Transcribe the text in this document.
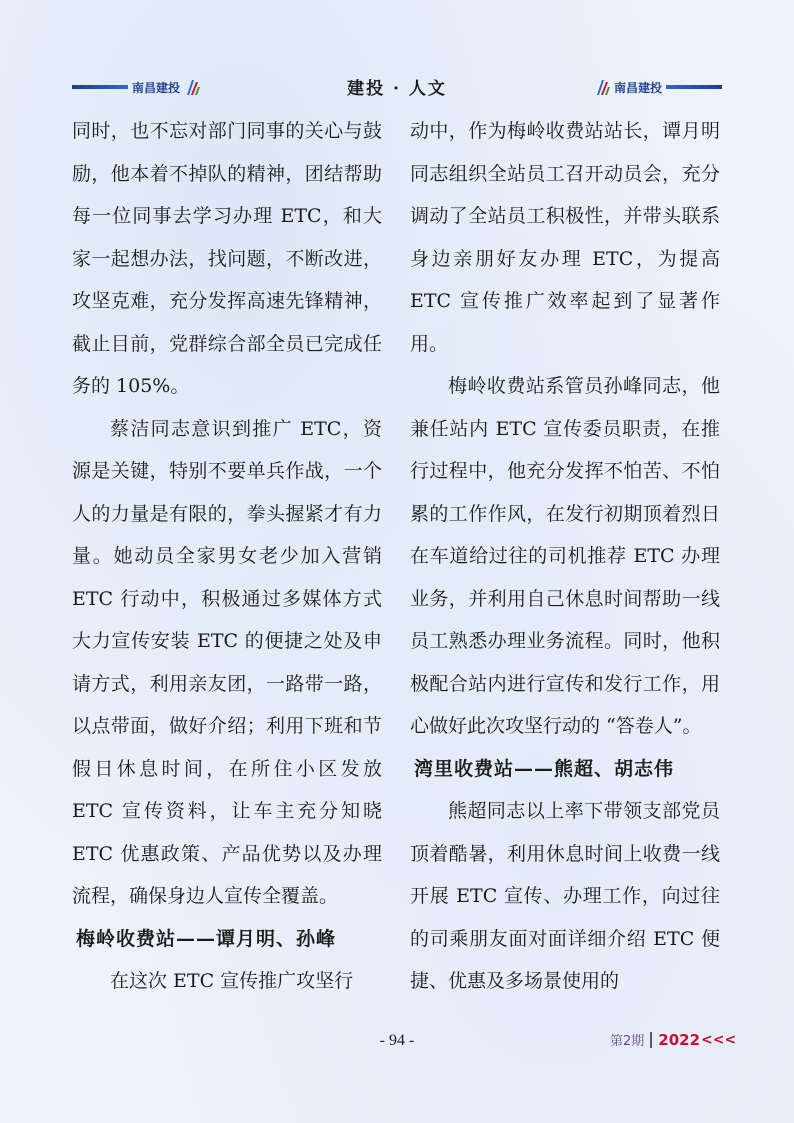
南昌建投	建投 · 人文	南昌建投

同时，也不忘对部门同事的关心与鼓励，他本着不掉队的精神，团结帮助每一位同事去学习办理 ETC，和大家一起想办法，找问题，不断改进，攻坚克难，充分发挥高速先锋精神，截止目前，党群综合部全员已完成任务的 105%。

蔡洁同志意识到推广 ETC，资源是关键，特别不要单兵作战，一个人的力量是有限的，拳头握紧才有力量。她动员全家男女老少加入营销 ETC 行动中，积极通过多媒体方式大力宣传安装 ETC 的便捷之处及申请方式，利用亲友团，一路带一路，以点带面，做好介绍；利用下班和节假日休息时间，在所住小区发放 ETC 宣传资料，让车主充分知晓 ETC 优惠政策、产品优势以及办理流程，确保身边人宣传全覆盖。

梅岭收费站——谭月明、孙峰

在这次 ETC 宣传推广攻坚行

动中，作为梅岭收费站站长，谭月明同志组织全站员工召开动员会，充分调动了全站员工积极性，并带头联系身边亲朋好友办理 ETC，为提高 ETC 宣传推广效率起到了显著作用。

梅岭收费站系管员孙峰同志，他兼任站内 ETC 宣传委员职责，在推行过程中，他充分发挥不怕苦、不怕累的工作作风，在发行初期顶着烈日在车道给过往的司机推荐 ETC 办理业务，并利用自己休息时间帮助一线员工熟悉办理业务流程。同时，他积极配合站内进行宣传和发行工作，用心做好此次攻坚行动的 “答卷人”。

湾里收费站——熊超、胡志伟

熊超同志以上率下带领支部党员顶着酷暑，利用休息时间上收费一线开展 ETC 宣传、办理工作，向过往的司乘朋友面对面详细介绍 ETC 便捷、优惠及多场景使用的

- 94 -	第2期 2022 <<<
